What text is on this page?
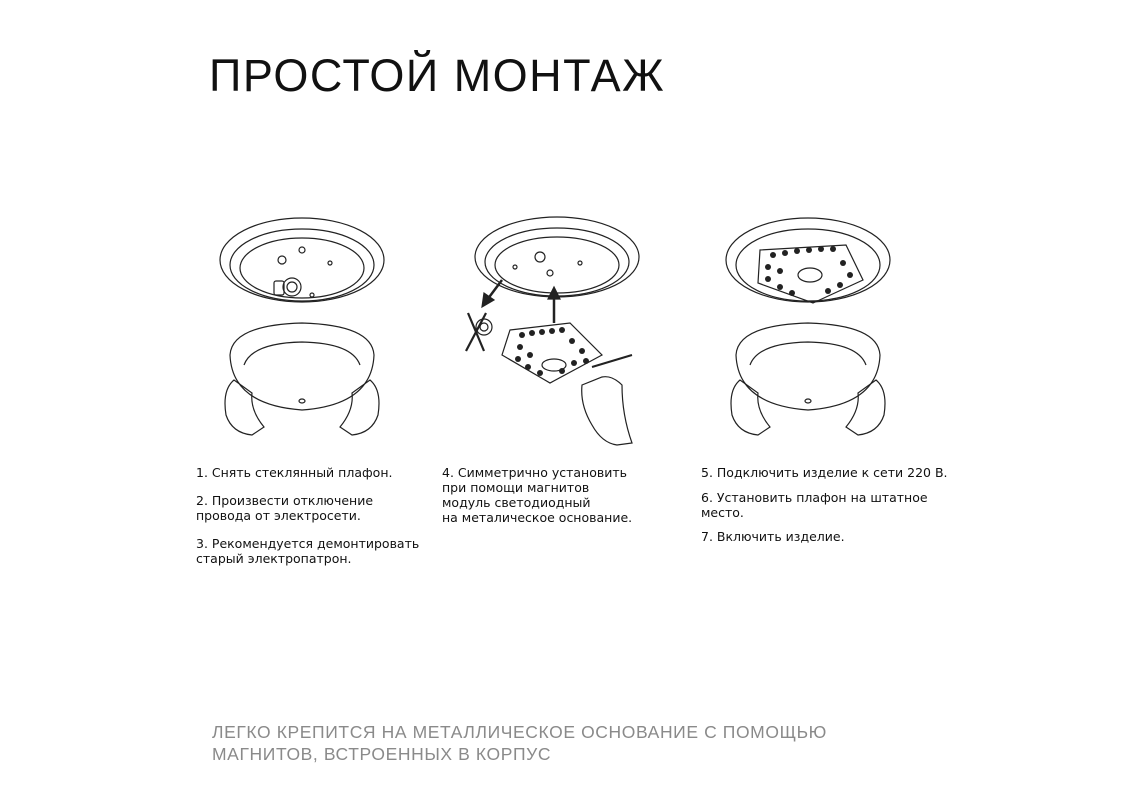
ПРОСТОЙ МОНТАЖ

1. Снять стеклянный плафон.

2. Произвести отключение
провода от электросети.

3. Рекомендуется демонтировать
старый электропатрон.

4. Симметрично установить
при помощи магнитов
модуль светодиодный
на металическое основание.

5. Подключить изделие к сети 220 В.

6. Установить плафон на штатное
место.

7. Включить изделие.

ЛЕГКО КРЕПИТСЯ НА МЕТАЛЛИЧЕСКОЕ ОСНОВАНИЕ С ПОМОЩЬЮ
МАГНИТОВ, ВСТРОЕННЫХ В КОРПУС
